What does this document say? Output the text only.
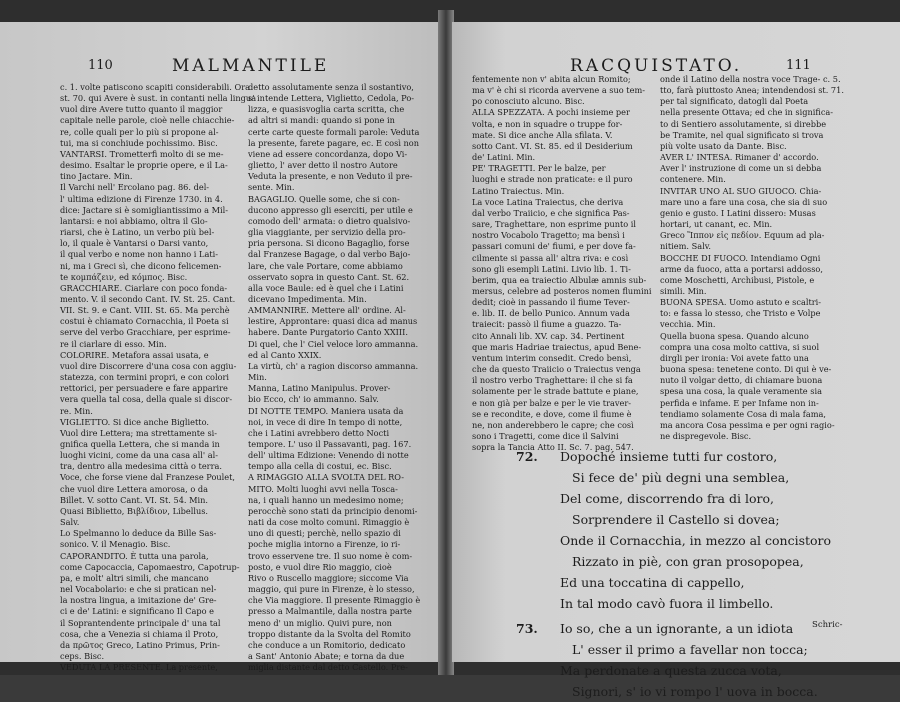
110	MALMANTILE

c. 1. volte patiscono scapiti considerabili. Ora

st. 70. qui Avere è sust. in contanti nella lingua

vuol dire Avere tutto quanto il maggior

capitale nelle parole, cioè nelle chiacchie-

re, colle quali per lo più si propone al-

tui, ma si conchiude pochissimo. Bisc.

VANTARSI. Trometterfi molto di se me-

desimo. Esaltar le proprie opere, e il La-

tino Jactare. Min.

Il Varchi nell' Ercolano pag. 86. del-

l' ultima edizione di Firenze 1730. in 4.

dice: Jactare si è somigliantissimo a Mil-

lantarsi: e noi abbiamo, oltra il Glo-

riarsi, che è Latino, un verbo più bel-

lo, il quale è Vantarsi o Darsi vanto,

il qual verbo e nome non hanno i Lati-

ni, ma i Greci sì, che dicono felicemen-

te κομπάζειν, ed κόμπος. Bisc.

GRACCHIARE. Ciarlare con poco fonda-

mento. V. il secondo Cant. IV. St. 25. Cant.

VII. St. 9. e Cant. VIII. St. 65. Ma perchè

costui è chiamato Cornacchia, il Poeta si

serve del verbo Gracchiare, per esprime-

re il ciarlare di esso. Min.

COLORIRE. Metafora assai usata, e

vuol dire Discorrere d'una cosa con aggiu-

statezza, con termini propri, e con colori

rettorici, per persuadere e fare apparire

vera quella tal cosa, della quale si discor-

re. Min.

VIGLIETTO. Si dice anche Biglietto.

Vuol dire Lettera; ma strettamente si-

gnifica quella Lettera, che si manda in

luoghi vicini, come da una casa all' al-

tra, dentro alla medesima città o terra.

Voce, che forse viene dal Franzese Poulet,

che vuol dire Lettera amorosa, o da

Billet. V. sotto Cant. VI. St. 54. Min.

Quasi Biblietto, Βιβλίδιον, Libellus.

Salv.

Lo Spelmanno lo deduce da Bille Sas-

sonico. V. il Menagio. Bisc.

CAPORANDITO. È tutta una parola,

come Capocaccia, Capomaestro, Capotrup-

pa, e molt' altri simili, che mancano

nel Vocabolario: e che si pratican nel-

la nostra lingua, a imitazione de' Gre-

ci e de' Latini: e significano Il Capo e

il Soprantendente principale d' una tal

cosa, che a Venezia si chiama il Proto,

da πρῶτος Greco, Latino Primus, Prin-

ceps. Bisc.

VEDUTA LA PRESENTE. La presente,

detto assolutamente senza il sostantivo,

s' intende Lettera, Viglietto, Cedola, Po-

lizza, e quasisvoglia carta scritta, che

ad altri si mandi: quando si pone in

certe carte queste formali parole: Veduta

la presente, farete pagare, ec. E così non

viene ad essere concordanza, dopo Vi-

glietto, l' aver detto il nostro Autore

Veduta la presente, e non Veduto il pre-

sente. Min.

BAGAGLIO. Quelle some, che si con-

ducono appresso gli eserciti, per utile e

comodo dell' armata: o dietro qualsivo-

glia viaggiante, per servizio della pro-

pria persona. Si dicono Bagaglio, forse

dal Franzese Bagage, o dal verbo Bajo-

lare, che vale Portare, come abbiamo

osservato sopra in questo Cant. St. 62.

alla voce Baule: ed è quel che i Latini

dicevano Impedimenta. Min.

AMMANNIRE. Mettere all' ordine. Al-

lestire, Approntare: quasi dica ad manus

habere. Dante Purgatorio Canto XXIII.

Di quel, che l' Ciel veloce loro ammanna.

ed al Canto XXIX.

La virtù, ch' a ragion discorso ammanna.

Min.

Manna, Latino Manipulus. Prover-

bio Ecco, ch' io ammanno. Salv.

DI NOTTE TEMPO. Maniera usata da

noi, in vece di dire In tempo di notte,

che i Latini avrebbero detto Nocti

tempore. L' uso il Passavanti, pag. 167.

dell' ultima Edizione: Venendo di notte

tempo alla cella di costui, ec. Bisc.

A RIMAGGIO ALLA SVOLTA DEL RO-

MITO. Molti luoghi avvi nella Tosca-

na, i quali hanno un medesimo nome;

perocchè sono stati da principio denomi-

nati da cose molto comuni. Rimaggio è

uno di questi; perchè, nello spazio di

poche miglia intorno a Firenze, io ri-

trovo esservene tre. Il suo nome è com-

posto, e vuol dire Rio maggio, cioè

Rivo o Ruscello maggiore; siccome Via

maggio, qui pure in Firenze, è lo stesso,

che Via maggiore. Il presente Rimaggio è

presso a Malmantile, dalla nostra parte

meno d' un miglio. Quivi pure, non

troppo distante da la Svolta del Romito

che conduce a un Romitorio, dedicato

a Sant' Antonio Abate; e torna da due

miglia distante dal detto Castello. Pre-

RACQUISTATO.	111

fentemente non v' abita alcun Romito;

ma v' è chi si ricorda avervene a suo tem-

po conosciuto alcuno. Bisc.

ALLA SPEZZATA. A pochi insieme per

volta, e non in squadre o truppe for-

mate. Si dice anche Alla sfilata. V.

sotto Cant. VI. St. 85. ed il Desiderium

de' Latini. Min.

PE' TRAGETTI. Per le balze, per

luoghi e strade non praticate: e il puro

Latino Traiectus. Min.

La voce Latina Traiectus, che deriva

dal verbo Traiicio, e che significa Pas-

sare, Traghettare, non esprime punto il

nostro Vocabolo Tragetto; ma bensì i

passari comuni de' fiumi, e per dove fa-

cilmente si passa all' altra riva: e così

sono gli esempli Latini. Livio lib. 1. Ti-

berim, qua ea traiectio Albulæ amnis sub-

mersus, celebre ad posteros nomen flumini

dedit; cioè in passando il fiume Tever-

e. lib. II. de bello Punico. Annum vada

traiecit: passò il fiume a guazzo. Ta-

cito Annali lib. XV. cap. 34. Pertinent

que maris Hadriae traiectus, apud Bene-

ventum interim consedit. Credo bensì,

che da questo Traiicio o Traiectus venga

il nostro verbo Traghettare: il che si fa

solamente per le strade battute e piane,

e non già per balze e per le vie traver-

se e recondite, e dove, come il fiume è

ne, non anderebbero le capre; che così

sono i Tragetti, come dice il Salvini

sopra la Tancia Atto II. Sc. 7. pag. 547.

onde il Latino della nostra voce Trage- c. 5.

tto, farà piuttosto Anea; intendendosi st. 71.

per tal significato, datogli dal Poeta

nella presente Ottava; ed che in significa-

to di Sentiero assolutamente, si direbbe

be Tramite, nel qual significato si trova

più volte usato da Dante. Bisc.

AVER L' INTESA. Rimaner d' accordo.

Aver l' instruzione di come un si debba

contenere. Min.

INVITAR UNO AL SUO GIUOCO. Chia-

mare uno a fare una cosa, che sia di suo

genio e gusto. I Latini dissero: Musas

hortari, ut canant, ec. Min.

Greco Ἵππον εἰς πεδίον. Equum ad pla-

nitiem. Salv.

BOCCHE DI FUOCO. Intendiamo Ogni

arme da fuoco, atta a portarsi addosso,

come Moschetti, Archibusi, Pistole, e

simili. Min.

BUONA SPESA. Uomo astuto e scaltri-

to: e fassa lo stesso, che Tristo e Volpe

vecchia. Min.

Quella buona spesa. Quando alcuno

compra una cosa molto cattiva, si suol

dirgli per ironia: Voi avete fatto una

buona spesa: tenetene conto. Di qui è ve-

nuto il volgar detto, di chiamare buona

spesa una cosa, la quale veramente sia

perfida e infame. E per Infame non in-

tendiamo solamente Cosa di mala fama,

ma ancora Cosa pessima e per ogni ragio-

ne dispregevole. Bisc.

72. Dopoché insieme tutti fur costoro,
Si fece de' più degni una semblea,
Del come, discorrendo fra di loro,
Sorprendere il Castello si dovea;
Onde il Cornacchia, in mezzo al concistoro
Rizzato in piè, con gran prosopopea,
Ed una toccatina di cappello,
In tal modo cavò fuora il limbello.
73. Io so, che a un ignorante, a un idiota
L' esser il primo a favellar non tocca;
Ma perdonate a questa zucca vota,
Signori, s' io vi rompo l' uova in bocca.
Schric-
